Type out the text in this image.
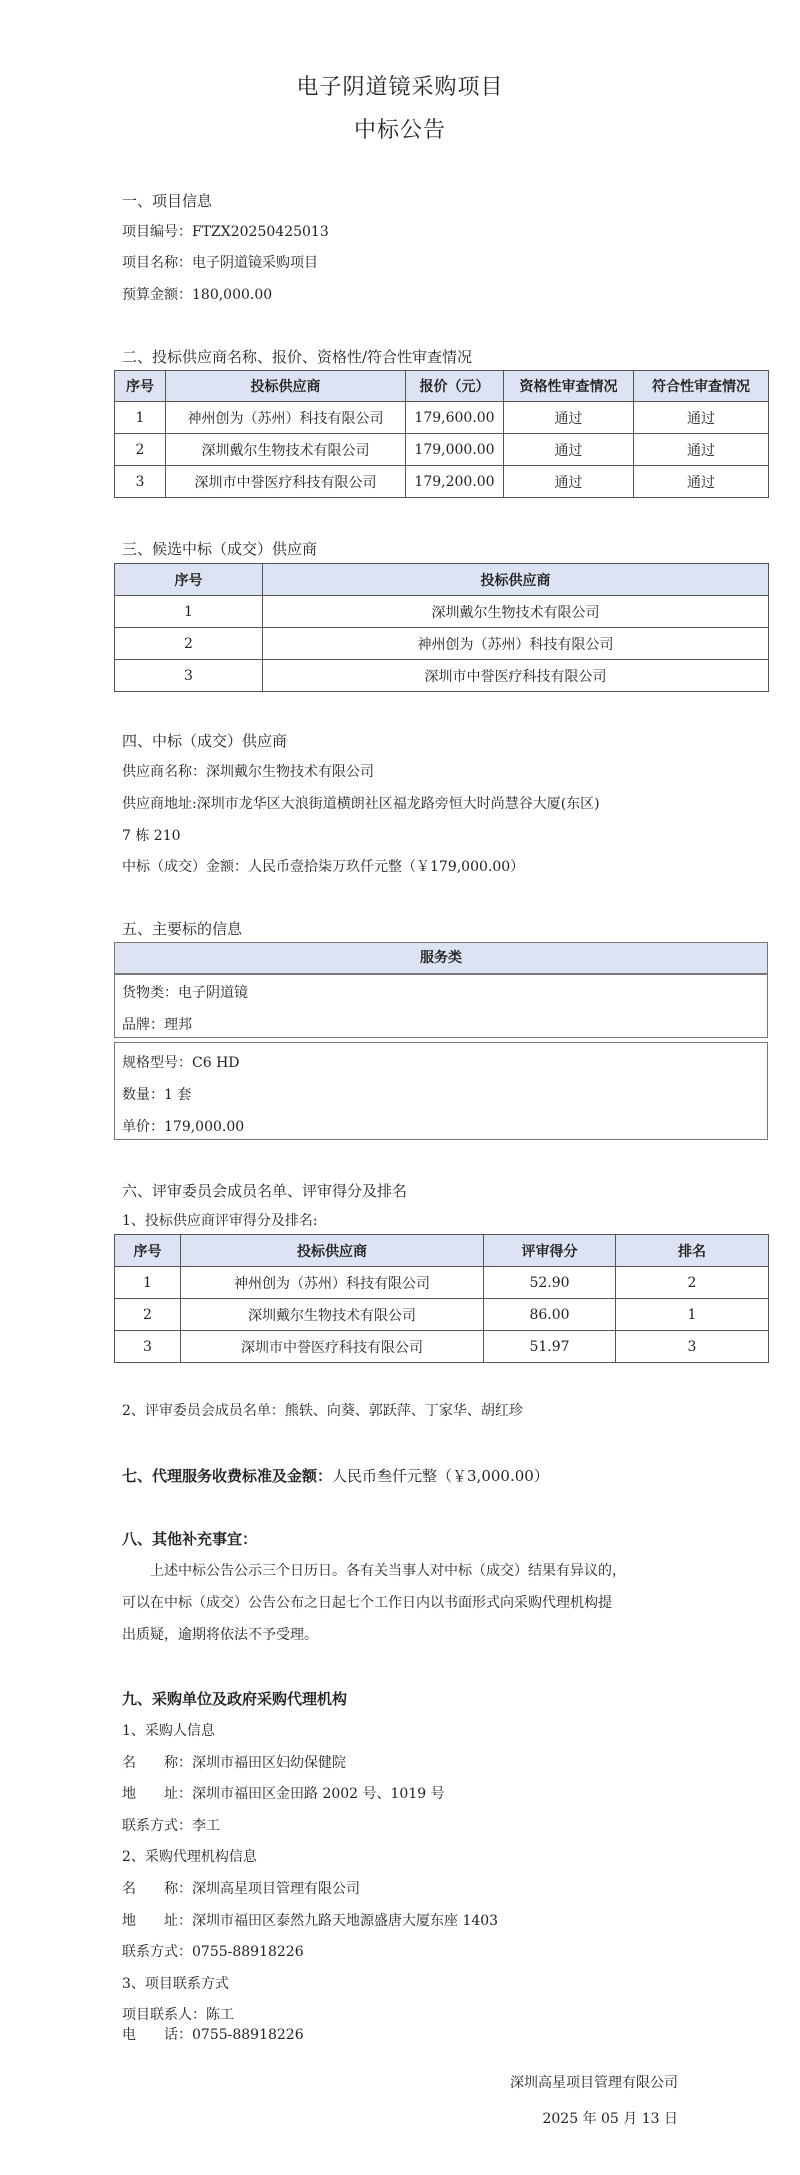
电子阴道镜采购项目
中标公告
一、项目信息
项目编号：FTZX20250425013
项目名称：电子阴道镜采购项目
预算金额：180,000.00
二、投标供应商名称、报价、资格性/符合性审查情况
序号	投标供应商	报价（元）	资格性审查情况	符合性审查情况
1	神州创为（苏州）科技有限公司	179,600.00	通过	通过
2	深圳戴尔生物技术有限公司	179,000.00	通过	通过
3	深圳市中誉医疗科技有限公司	179,200.00	通过	通过
三、候选中标（成交）供应商
序号	投标供应商
1	深圳戴尔生物技术有限公司
2	神州创为（苏州）科技有限公司
3	深圳市中誉医疗科技有限公司
四、中标（成交）供应商
供应商名称：深圳戴尔生物技术有限公司
供应商地址:深圳市龙华区大浪街道横朗社区福龙路旁恒大时尚慧谷大厦(东区)
7 栋 210
中标（成交）金额：人民币壹拾柒万玖仟元整（￥179,000.00）
五、主要标的信息
服务类
货物类：电子阴道镜
品牌：理邦
规格型号：C6 HD
数量：1 套
单价：179,000.00
六、评审委员会成员名单、评审得分及排名
1、投标供应商评审得分及排名:
序号	投标供应商	评审得分	排名
1	神州创为（苏州）科技有限公司	52.90	2
2	深圳戴尔生物技术有限公司	86.00	1
3	深圳市中誉医疗科技有限公司	51.97	3
2、评审委员会成员名单：熊轶、向葵、郭跃萍、丁家华、胡红珍
七、代理服务收费标准及金额：人民币叁仟元整（￥3,000.00）
八、其他补充事宜：
上述中标公告公示三个日历日。各有关当事人对中标（成交）结果有异议的，
可以在中标（成交）公告公布之日起七个工作日内以书面形式向采购代理机构提
出质疑，逾期将依法不予受理。
九、采购单位及政府采购代理机构
1、采购人信息
名　　称：深圳市福田区妇幼保健院
地　　址：深圳市福田区金田路 2002 号、1019 号
联系方式：李工
2、采购代理机构信息
名　　称：深圳高星项目管理有限公司
地　　址：深圳市福田区泰然九路天地源盛唐大厦东座 1403
联系方式：0755-88918226
3、项目联系方式
项目联系人：陈工
电　　话：0755-88918226
深圳高星项目管理有限公司
2025 年 05 月 13 日
